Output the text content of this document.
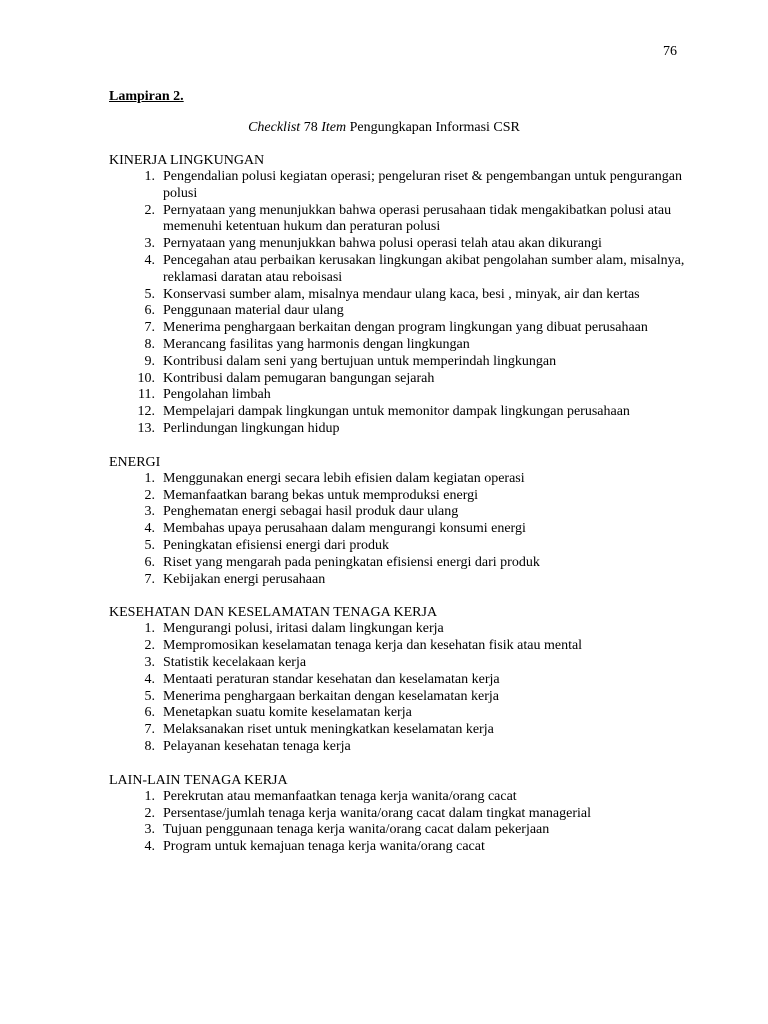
76
Lampiran 2.
Checklist 78 Item Pengungkapan Informasi CSR
KINERJA LINGKUNGAN
1. Pengendalian polusi kegiatan operasi; pengeluran riset & pengembangan untuk pengurangan polusi
2. Pernyataan yang menunjukkan bahwa operasi perusahaan tidak mengakibatkan polusi atau memenuhi ketentuan hukum dan peraturan polusi
3. Pernyataan yang menunjukkan bahwa polusi operasi telah atau akan dikurangi
4. Pencegahan atau perbaikan kerusakan lingkungan akibat pengolahan sumber alam, misalnya, reklamasi daratan atau reboisasi
5. Konservasi sumber alam, misalnya mendaur ulang kaca, besi , minyak, air dan kertas
6. Penggunaan material daur ulang
7. Menerima penghargaan berkaitan dengan program lingkungan yang dibuat perusahaan
8. Merancang fasilitas yang harmonis dengan lingkungan
9. Kontribusi dalam seni yang bertujuan untuk memperindah lingkungan
10. Kontribusi dalam pemugaran bangungan sejarah
11. Pengolahan limbah
12. Mempelajari dampak lingkungan untuk memonitor dampak lingkungan perusahaan
13. Perlindungan lingkungan hidup
ENERGI
1. Menggunakan energi secara lebih efisien dalam kegiatan operasi
2. Memanfaatkan barang bekas untuk memproduksi energi
3. Penghematan energi sebagai hasil produk daur ulang
4. Membahas upaya perusahaan dalam mengurangi konsumi energi
5. Peningkatan efisiensi energi dari produk
6. Riset yang mengarah pada peningkatan efisiensi energi dari produk
7. Kebijakan energi perusahaan
KESEHATAN DAN KESELAMATAN TENAGA KERJA
1. Mengurangi polusi, iritasi dalam lingkungan kerja
2. Mempromosikan keselamatan tenaga kerja dan kesehatan fisik atau mental
3. Statistik kecelakaan kerja
4. Mentaati peraturan standar kesehatan dan keselamatan kerja
5. Menerima penghargaan berkaitan dengan keselamatan kerja
6. Menetapkan suatu komite keselamatan kerja
7. Melaksanakan riset untuk meningkatkan keselamatan kerja
8. Pelayanan kesehatan tenaga kerja
LAIN-LAIN TENAGA KERJA
1. Perekrutan atau memanfaatkan tenaga kerja wanita/orang cacat
2. Persentase/jumlah tenaga kerja wanita/orang cacat dalam tingkat managerial
3. Tujuan penggunaan tenaga kerja wanita/orang cacat dalam pekerjaan
4. Program untuk kemajuan tenaga kerja wanita/orang cacat
